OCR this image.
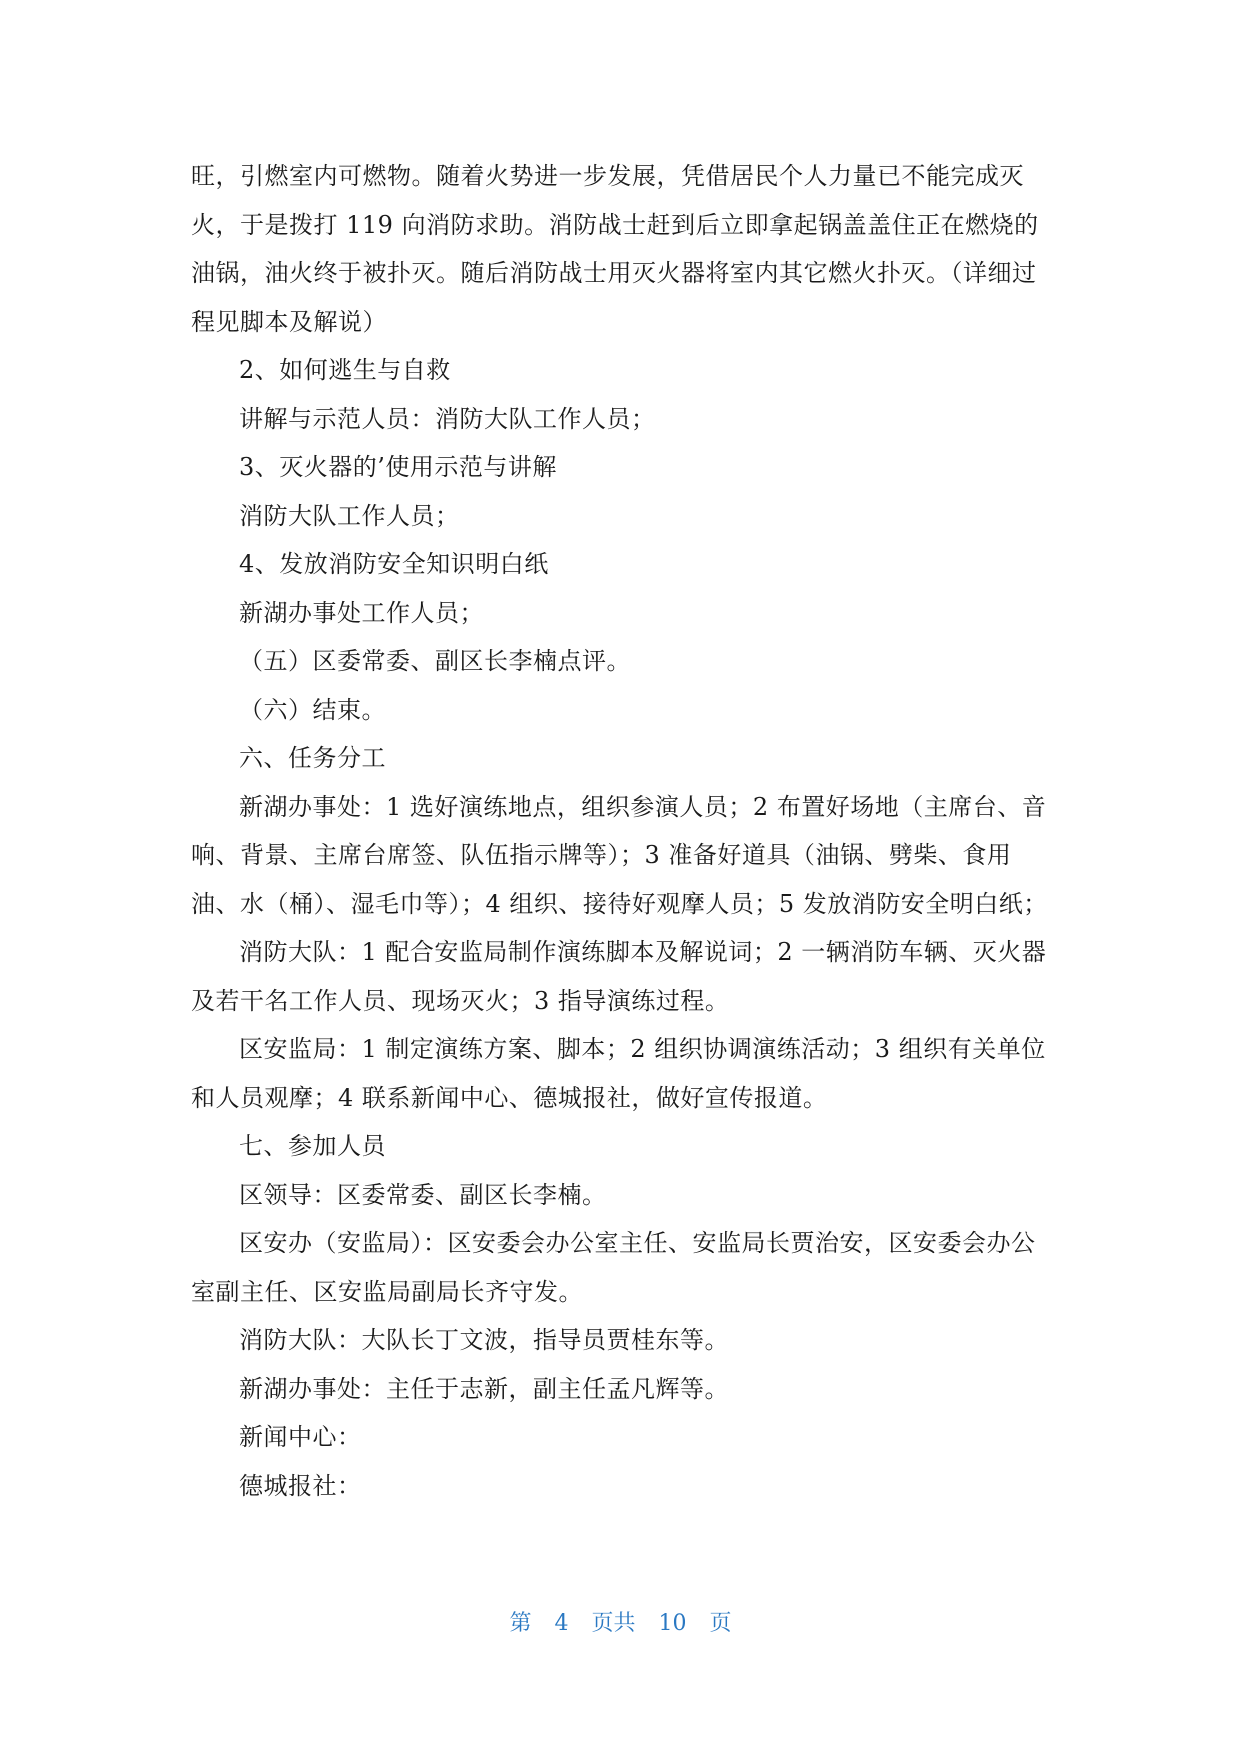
旺，引燃室内可燃物。随着火势进一步发展，凭借居民个人力量已不能完成灭
火，于是拨打 119 向消防求助。消防战士赶到后立即拿起锅盖盖住正在燃烧的
油锅，油火终于被扑灭。随后消防战士用灭火器将室内其它燃火扑灭。（详细过
程见脚本及解说）
2、如何逃生与自救
讲解与示范人员：消防大队工作人员；
3、灭火器的’使用示范与讲解
消防大队工作人员；
4、发放消防安全知识明白纸
新湖办事处工作人员；
（五）区委常委、副区长李楠点评。
（六）结束。
六、任务分工
新湖办事处：1 选好演练地点，组织参演人员；2 布置好场地（主席台、音
响、背景、主席台席签、队伍指示牌等）；3 准备好道具（油锅、劈柴、食用
油、水（桶）、湿毛巾等）；4 组织、接待好观摩人员；5 发放消防安全明白纸；
消防大队：1 配合安监局制作演练脚本及解说词；2 一辆消防车辆、灭火器
及若干名工作人员、现场灭火；3 指导演练过程。
区安监局：1 制定演练方案、脚本；2 组织协调演练活动；3 组织有关单位
和人员观摩；4 联系新闻中心、德城报社，做好宣传报道。
七、参加人员
区领导：区委常委、副区长李楠。
区安办（安监局）：区安委会办公室主任、安监局长贾治安，区安委会办公
室副主任、区安监局副局长齐守发。
消防大队：大队长丁文波，指导员贾桂东等。
新湖办事处：主任于志新，副主任孟凡辉等。
新闻中心：
德城报社：
第 4 页共 10 页
